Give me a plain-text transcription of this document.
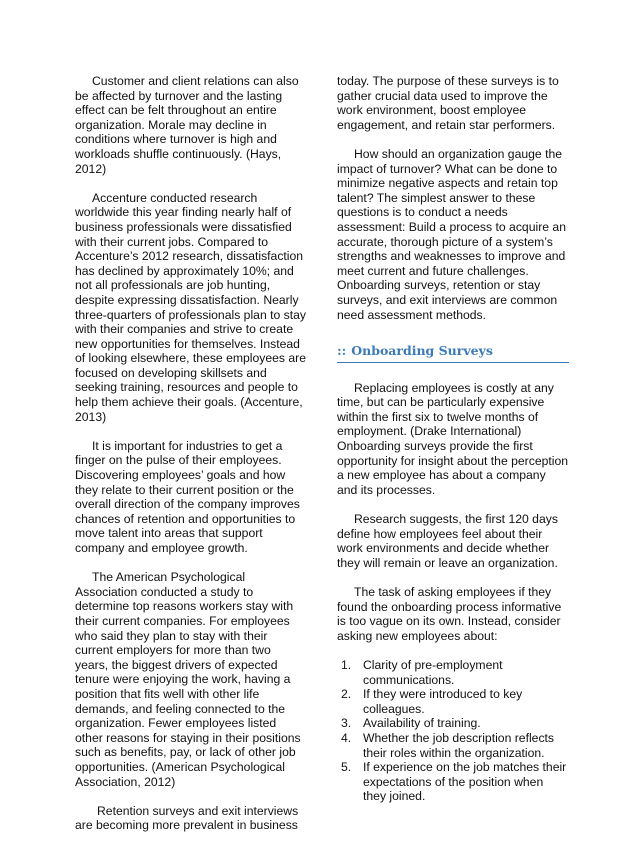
Customer and client relations can also be affected by turnover and the lasting effect can be felt throughout an entire organization. Morale may decline in conditions where turnover is high and workloads shuffle continuously. (Hays, 2012)

Accenture conducted research worldwide this year finding nearly half of business professionals were dissatisfied with their current jobs. Compared to Accenture’s 2012 research, dissatisfaction has declined by approximately 10%; and not all professionals are job hunting, despite expressing dissatisfaction. Nearly three-quarters of professionals plan to stay with their companies and strive to create new opportunities for themselves. Instead of looking elsewhere, these employees are focused on developing skillsets and seeking training, resources and people to help them achieve their goals. (Accenture, 2013)

It is important for industries to get a finger on the pulse of their employees. Discovering employees’ goals and how they relate to their current position or the overall direction of the company improves chances of retention and opportunities to move talent into areas that support company and employee growth.

The American Psychological Association conducted a study to determine top reasons workers stay with their current companies. For employees who said they plan to stay with their current employers for more than two years, the biggest drivers of expected tenure were enjoying the work, having a position that fits well with other life demands, and feeling connected to the organization. Fewer employees listed other reasons for staying in their positions such as benefits, pay, or lack of other job opportunities. (American Psychological Association, 2012)

Retention surveys and exit interviews are becoming more prevalent in business

today. The purpose of these surveys is to gather crucial data used to improve the work environment, boost employee engagement, and retain star performers.

How should an organization gauge the impact of turnover? What can be done to minimize negative aspects and retain top talent? The simplest answer to these questions is to conduct a needs assessment: Build a process to acquire an accurate, thorough picture of a system’s strengths and weaknesses to improve and meet current and future challenges. Onboarding surveys, retention or stay surveys, and exit interviews are common need assessment methods.

:: Onboarding Surveys

Replacing employees is costly at any time, but can be particularly expensive within the first six to twelve months of employment. (Drake International) Onboarding surveys provide the first opportunity for insight about the perception a new employee has about a company and its processes.

Research suggests, the first 120 days define how employees feel about their work environments and decide whether they will remain or leave an organization.

The task of asking employees if they found the onboarding process informative is too vague on its own. Instead, consider asking new employees about:

1. Clarity of pre-employment communications.
2. If they were introduced to key colleagues.
3. Availability of training.
4. Whether the job description reflects their roles within the organization.
5. If experience on the job matches their expectations of the position when they joined.
